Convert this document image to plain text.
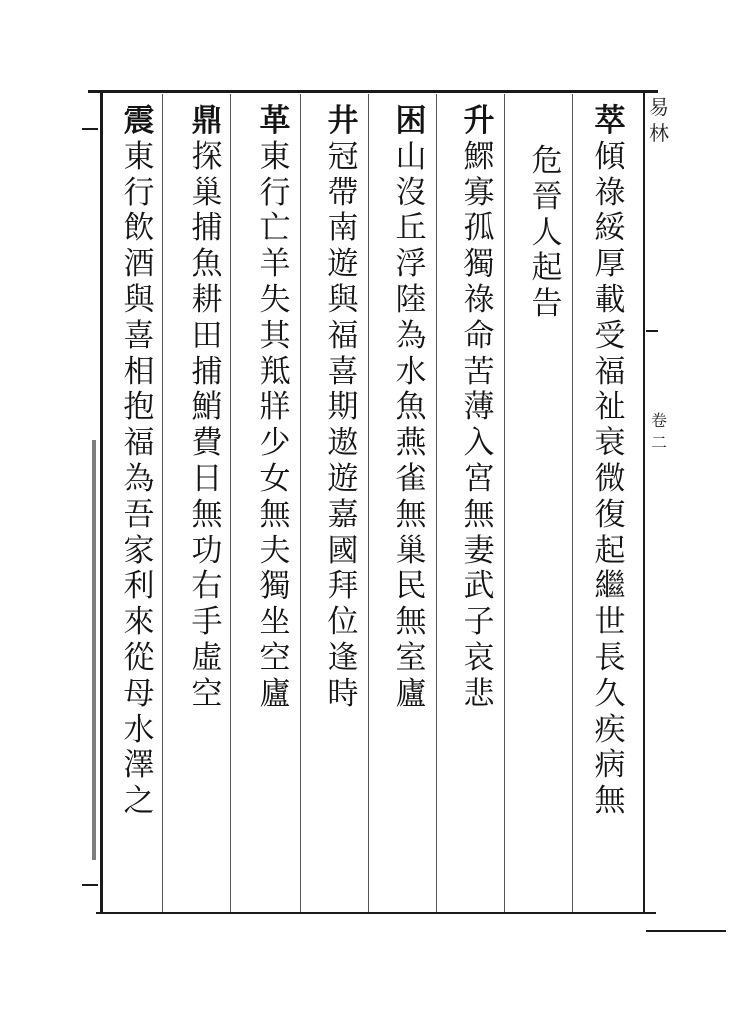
易
林
卷
二
萃
傾
祿
綏
厚
載
受
福
祉
衰
微
復
起
繼
世
長
久
疾
病
無
危
晉
人
起
告
升
鰥
寡
孤
獨
祿
命
苦
薄
入
宮
無
妻
武
子
哀
悲
困
山
沒
丘
浮
陸
為
水
魚
燕
雀
無
巢
民
無
室
廬
井
冠
帶
南
遊
與
福
喜
期
遨
遊
嘉
國
拜
位
逢
時
革
東
行
亡
羊
失
其
羝
牂
少
女
無
夫
獨
坐
空
廬
鼎
探
巢
捕
魚
耕
田
捕
鮹
費
日
無
功
右
手
虛
空
震
東
行
飲
酒
與
喜
相
抱
福
為
吾
家
利
來
從
母
水
澤
之
